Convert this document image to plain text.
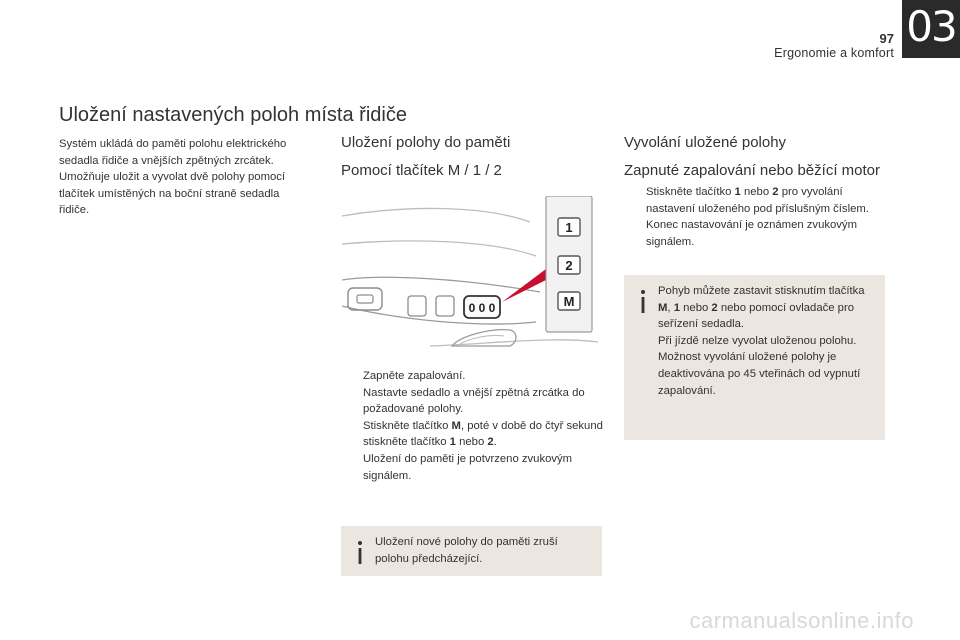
97
Ergonomie a komfort
03
Uložení nastavených poloh místa řidiče
Systém ukládá do paměti polohu elektrického sedadla řidiče a vnějších zpětných zrcátek. Umožňuje uložit a vyvolat dvě polohy pomocí tlačítek umístěných na boční straně sedadla řidiče.
Uložení polohy do paměti
Pomocí tlačítek M / 1 / 2
0 0 0
1
2
M
Zapněte zapalování.
Nastavte sedadlo a vnější zpětná zrcátka do požadované polohy.
Stiskněte tlačítko M, poté v době do čtyř sekund stiskněte tlačítko 1 nebo 2.
Uložení do paměti je potvrzeno zvukovým signálem.
Uložení nové polohy do paměti zruší polohu předcházející.
Vyvolání uložené polohy
Zapnuté zapalování nebo běžící motor
Stiskněte tlačítko 1 nebo 2 pro vyvolání nastavení uloženého pod příslušným číslem.
Konec nastavování je oznámen zvukovým signálem.
Pohyb můžete zastavit stisknutím tlačítka M, 1 nebo 2 nebo pomocí ovladače pro seřízení sedadla.
Při jízdě nelze vyvolat uloženou polohu.
Možnost vyvolání uložené polohy je deaktivována po 45 vteřinách od vypnutí zapalování.
carmanualsonline.info
